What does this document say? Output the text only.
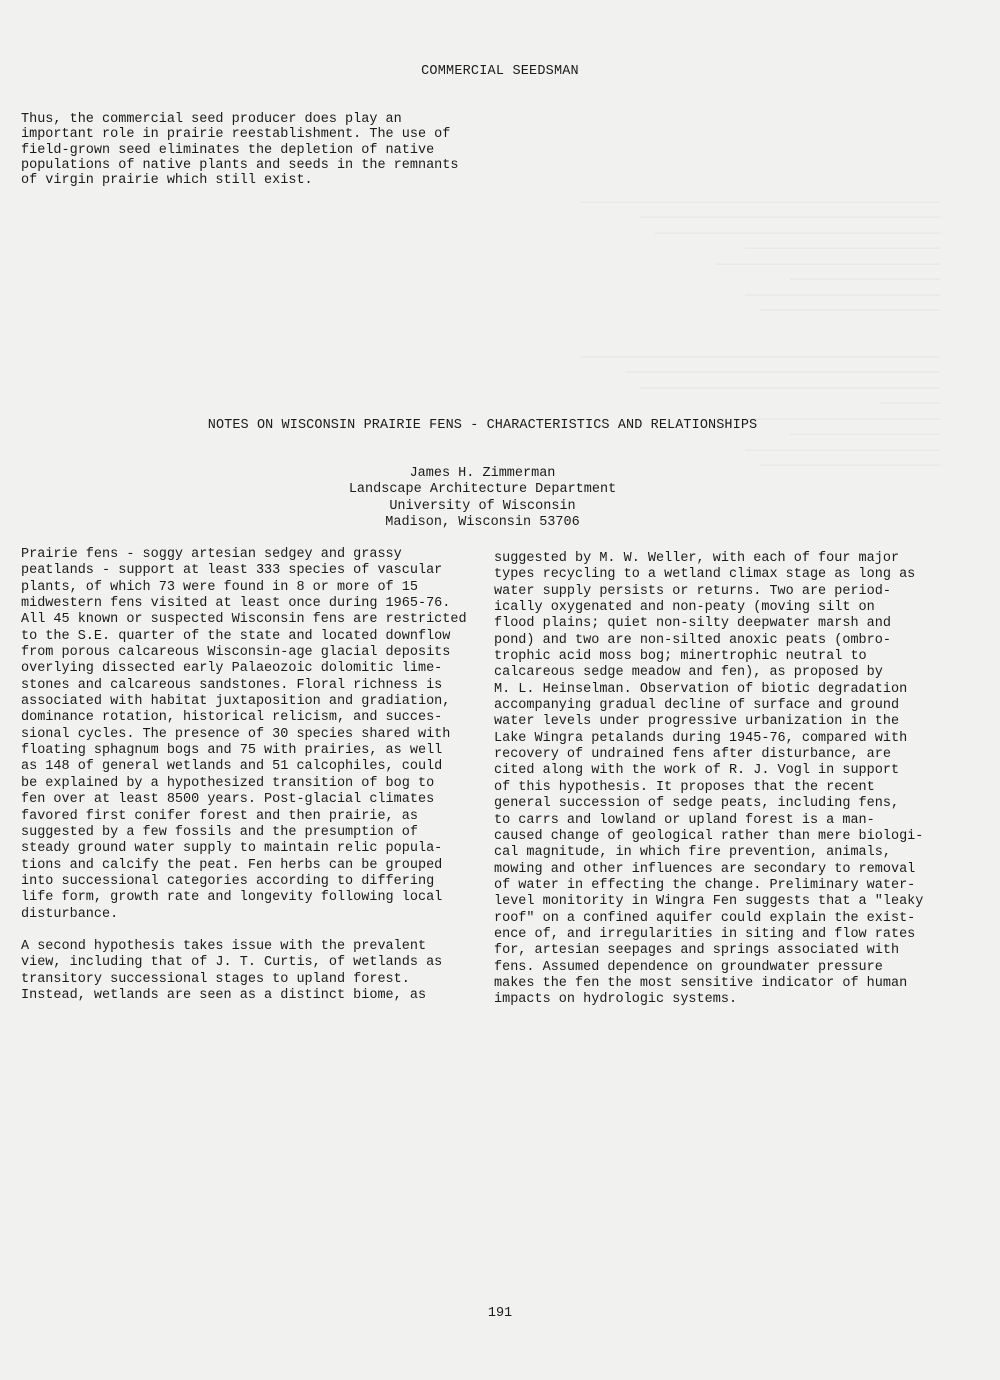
────────────────────────────────────────────────
────────────────────────────────────────
──────────────────────────────────────
──────────────────────────
──────────────────────────────
────────────────────
──────────────────────────
────────────────────────

────────────────────────────────────────────────
──────────────────────────────────────────
────────────────────────────────────────
────────
──────────────────────────────
────────────────────
──────────────────────────
────────────────────────

COMMERCIAL SEEDSMAN

Thus, the commercial seed producer does play an
important role in prairie reestablishment. The use of
field-grown seed eliminates the depletion of native
populations of native plants and seeds in the remnants
of virgin prairie which still exist.

NOTES ON WISCONSIN PRAIRIE FENS - CHARACTERISTICS AND RELATIONSHIPS
James H. Zimmerman
Landscape Architecture Department
University of Wisconsin
Madison, Wisconsin 53706

Prairie fens - soggy artesian sedgey and grassy
peatlands - support at least 333 species of vascular
plants, of which 73 were found in 8 or more of 15
midwestern fens visited at least once during 1965-76.
All 45 known or suspected Wisconsin fens are restricted
to the S.E. quarter of the state and located downflow
from porous calcareous Wisconsin-age glacial deposits
overlying dissected early Palaeozoic dolomitic lime-
stones and calcareous sandstones. Floral richness is
associated with habitat juxtaposition and gradiation,
dominance rotation, historical relicism, and succes-
sional cycles. The presence of 30 species shared with
floating sphagnum bogs and 75 with prairies, as well
as 148 of general wetlands and 51 calcophiles, could
be explained by a hypothesized transition of bog to
fen over at least 8500 years. Post-glacial climates
favored first conifer forest and then prairie, as
suggested by a few fossils and the presumption of
steady ground water supply to maintain relic popula-
tions and calcify the peat. Fen herbs can be grouped
into successional categories according to differing
life form, growth rate and longevity following local
disturbance.

A second hypothesis takes issue with the prevalent
view, including that of J. T. Curtis, of wetlands as
transitory successional stages to upland forest.
Instead, wetlands are seen as a distinct biome, as

suggested by M. W. Weller, with each of four major
types recycling to a wetland climax stage as long as
water supply persists or returns. Two are period-
ically oxygenated and non-peaty (moving silt on
flood plains; quiet non-silty deepwater marsh and
pond) and two are non-silted anoxic peats (ombro-
trophic acid moss bog; minertrophic neutral to
calcareous sedge meadow and fen), as proposed by
M. L. Heinselman. Observation of biotic degradation
accompanying gradual decline of surface and ground
water levels under progressive urbanization in the
Lake Wingra petalands during 1945-76, compared with
recovery of undrained fens after disturbance, are
cited along with the work of R. J. Vogl in support
of this hypothesis. It proposes that the recent
general succession of sedge peats, including fens,
to carrs and lowland or upland forest is a man-
caused change of geological rather than mere biologi-
cal magnitude, in which fire prevention, animals,
mowing and other influences are secondary to removal
of water in effecting the change. Preliminary water-
level monitority in Wingra Fen suggests that a "leaky
roof" on a confined aquifer could explain the exist-
ence of, and irregularities in siting and flow rates
for, artesian seepages and springs associated with
fens. Assumed dependence on groundwater pressure
makes the fen the most sensitive indicator of human
impacts on hydrologic systems.

191
